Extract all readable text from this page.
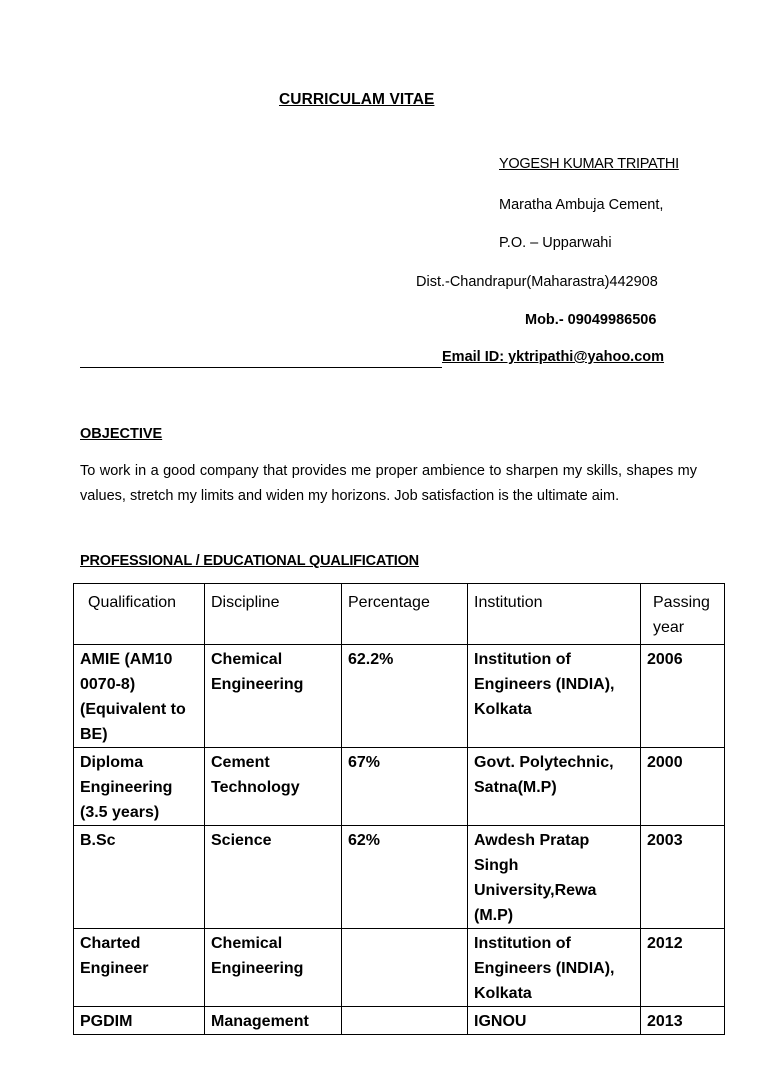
CURRICULAM VITAE
YOGESH KUMAR TRIPATHI
Maratha Ambuja Cement,
P.O. – Upparwahi
Dist.-Chandrapur(Maharastra)442908
Mob.- 09049986506
Email ID: yktripathi@yahoo.com
OBJECTIVE
To work in a good company that provides me proper ambience to sharpen my skills, shapes my values, stretch my limits and widen my horizons. Job satisfaction is the ultimate aim.
PROFESSIONAL / EDUCATIONAL QUALIFICATION
Qualification	Discipline	Percentage	Institution	Passing year
AMIE (AM10 0070-8) (Equivalent to BE)	Chemical Engineering	62.2%	Institution of Engineers (INDIA), Kolkata	2006
Diploma Engineering (3.5 years)	Cement Technology	67%	Govt. Polytechnic, Satna(M.P)	2000
B.Sc	Science	62%	Awdesh Pratap Singh University,Rewa (M.P)	2003
Charted Engineer	Chemical Engineering		Institution of Engineers (INDIA), Kolkata	2012
PGDIM	Management		IGNOU	2013
